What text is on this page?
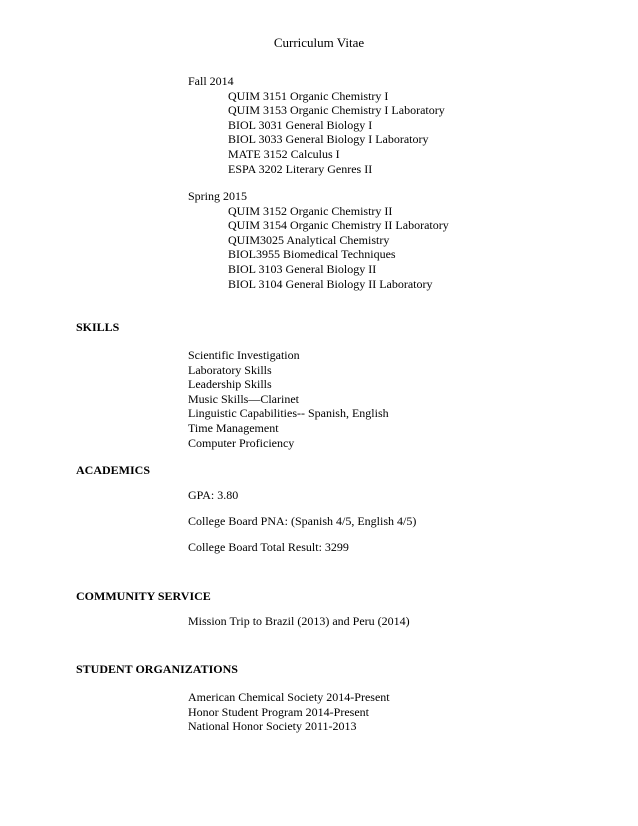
Curriculum Vitae
Fall 2014
QUIM 3151 Organic Chemistry I
QUIM 3153 Organic Chemistry I Laboratory
BIOL 3031 General Biology I
BIOL 3033 General Biology I Laboratory
MATE 3152 Calculus I
ESPA 3202 Literary Genres II
Spring 2015
QUIM 3152 Organic Chemistry II
QUIM 3154 Organic Chemistry II Laboratory
QUIM3025 Analytical Chemistry
BIOL3955 Biomedical Techniques
BIOL 3103 General Biology II
BIOL 3104 General Biology II Laboratory
SKILLS
Scientific Investigation
Laboratory Skills
Leadership Skills
Music Skills—Clarinet
Linguistic Capabilities-- Spanish, English
Time Management
Computer Proficiency
ACADEMICS
GPA: 3.80
College Board PNA: (Spanish 4/5, English 4/5)
College Board Total Result: 3299
COMMUNITY SERVICE
Mission Trip to Brazil (2013) and Peru (2014)
STUDENT ORGANIZATIONS
American Chemical Society 2014-Present
Honor Student Program 2014-Present
National Honor Society 2011-2013
